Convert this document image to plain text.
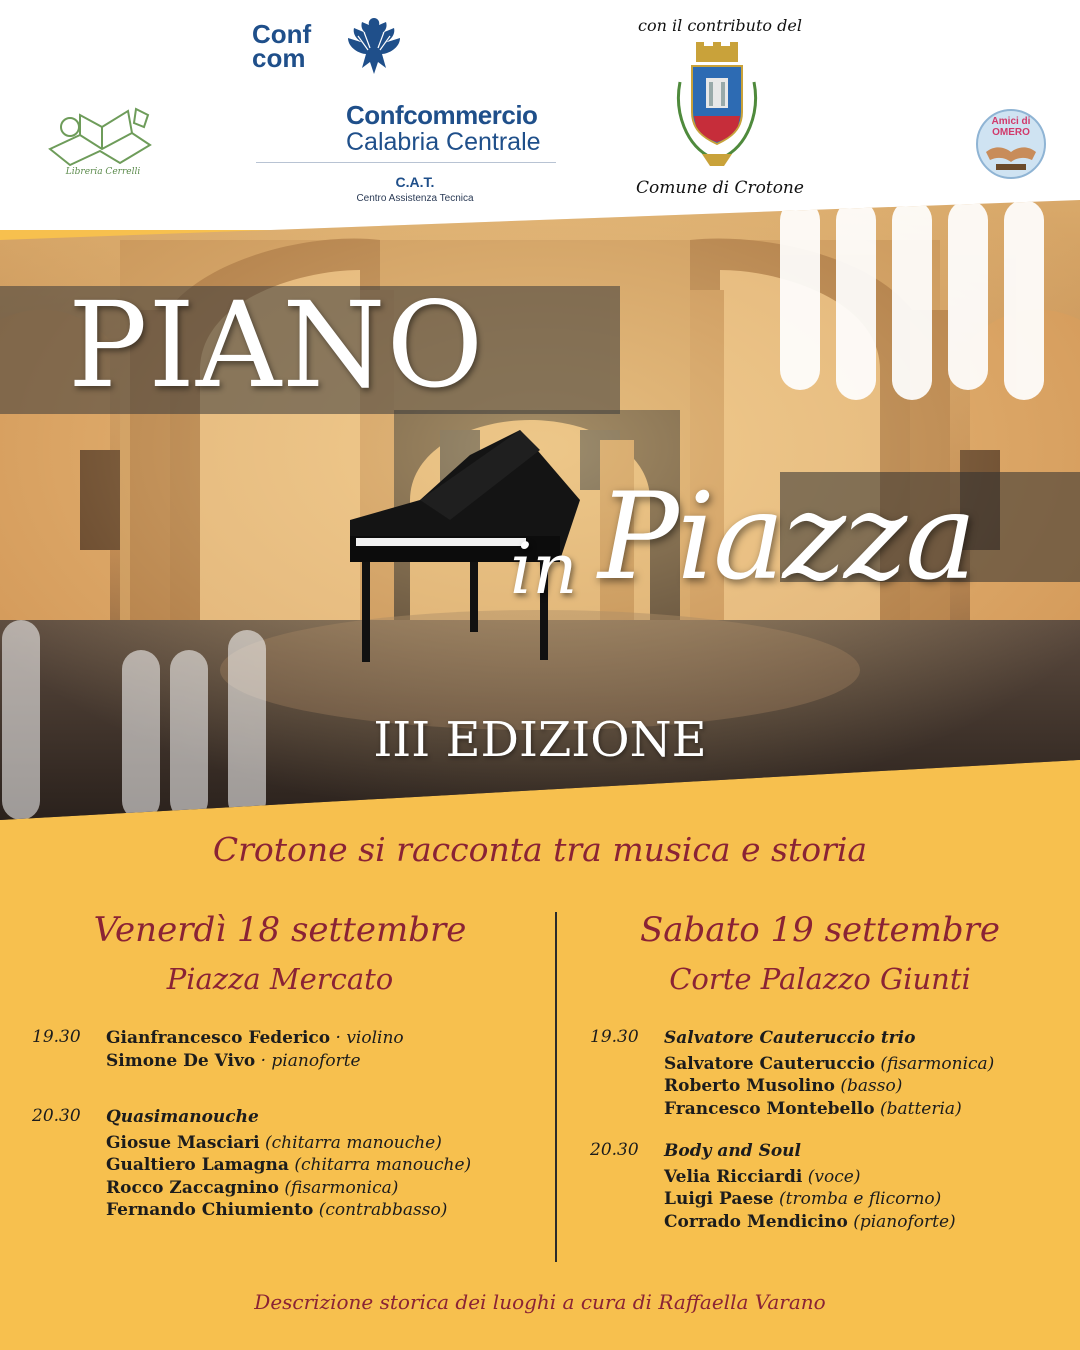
Libreria Cerrelli
Conf
com
Confcommercio
Calabria Centrale
C.A.T.
Centro Assistenza Tecnica
con il contributo del
Comune di Crotone
Amici di OMERO
PIANO
Piazza
in
III EDIZIONE
Crotone si racconta tra musica e storia
Venerdì 18 settembre
Piazza Mercato
Sabato 19 settembre
Corte Palazzo Giunti
19.30 Gianfrancesco Federico · violino
Simone De Vivo · pianoforte
20.30 Quasimanouche
Giosue Masciari (chitarra manouche)
Gualtiero Lamagna (chitarra manouche)
Rocco Zaccagnino (fisarmonica)
Fernando Chiumiento (contrabbasso)
19.30 Salvatore Cauteruccio trio
Salvatore Cauteruccio (fisarmonica)
Roberto Musolino (basso)
Francesco Montebello (batteria)
20.30 Body and Soul
Velia Ricciardi (voce)
Luigi Paese (tromba e flicorno)
Corrado Mendicino (pianoforte)
Descrizione storica dei luoghi a cura di Raffaella Varano
